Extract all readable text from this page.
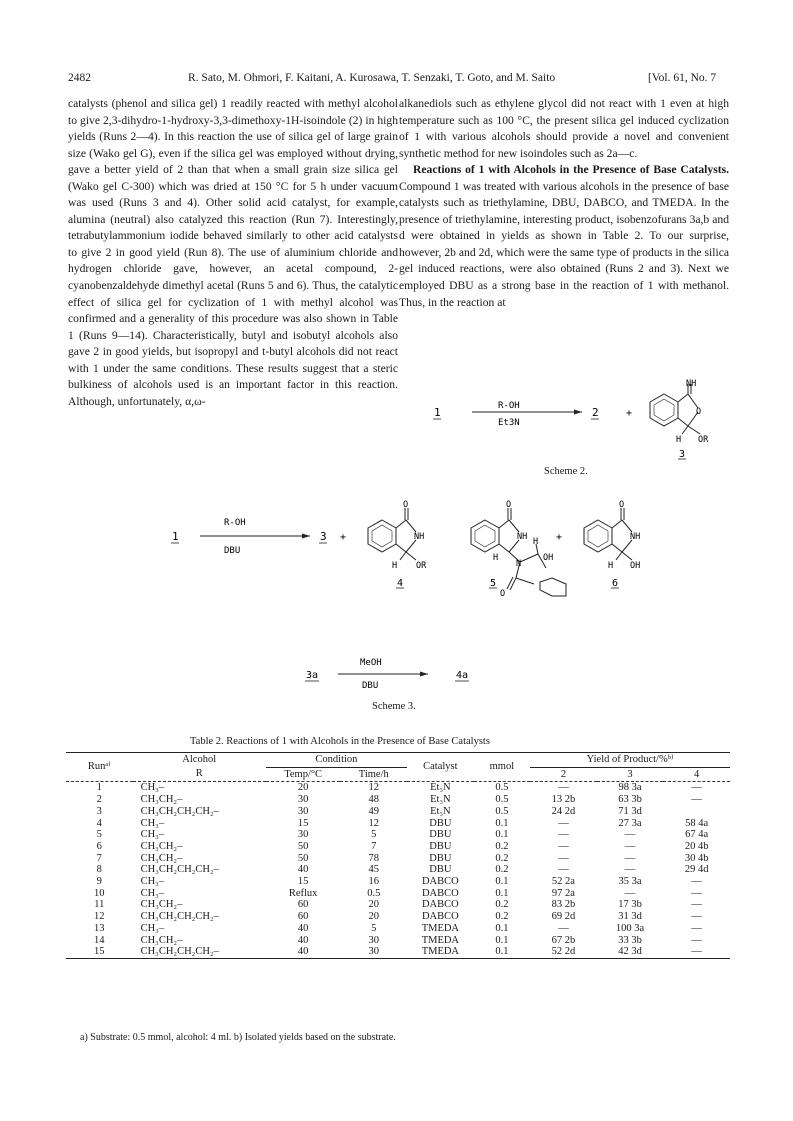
2482	R. Sato, M. Ohmori, F. Kaitani, A. Kurosawa, T. Senzaki, T. Goto, and M. Saito	[Vol. 61, No. 7

catalysts (phenol and silica gel) 1 readily reacted with methyl alcohol to give 2,3-dihydro-1-hydroxy-3,3-dimethoxy-1H-isoindole (2) in high yields (Runs 2—4). In this reaction the use of silica gel of large grain size (Wako gel G), even if the silica gel was employed without drying, gave a better yield of 2 than that when a small grain size silica gel (Wako gel C-300) which was dried at 150 °C for 5 h under vacuum was used (Runs 3 and 4). Other solid acid catalyst, for example, alumina (neutral) also catalyzed this reaction (Run 7). Interestingly, tetrabutylammonium iodide behaved similarly to other acid catalysts to give 2 in good yield (Run 8). The use of aluminium chloride and hydrogen chloride gave, however, an acetal compound, 2-cyanobenzaldehyde dimethyl acetal (Runs 5 and 6). Thus, the catalytic effect of silica gel for cyclization of 1 with methyl alcohol was confirmed and a generality of this procedure was also shown in Table 1 (Runs 9—14). Characteristically, butyl and isobutyl alcohols also gave 2 in good yields, but isopropyl and t-butyl alcohols did not react with 1 under the same conditions. These results suggest that a steric bulkiness of alcohols used is an important factor in this reaction. Although, unfortunately, α,ω-

alkanediols such as ethylene glycol did not react with 1 even at high temperature such as 100 °C, the present silica gel induced cyclization of 1 with various alcohols should provide a novel and convenient synthetic method for new isoindoles such as 2a—c.

Reactions of 1 with Alcohols in the Presence of Base Catalysts. Compound 1 was treated with various alcohols in the presence of base catalysts such as triethylamine, DBU, DABCO, and TMEDA. In the presence of triethylamine, interesting product, isobenzofurans 3a,b and d were obtained in yields as shown in Table 2. To our surprise, however, 2b and 2d, which were the same type of products in the silica gel induced reactions, were also obtained (Runs 2 and 3). Next we employed DBU as a strong base in the reaction of 1 with methanol. Thus, in the reaction at

1	R-OH
Et3N
2	+
NH
O
H OR
3
Scheme 2.
1
R-OH
DBU
3 +
O
NH
H OR
4
O
NH
H
N
H
OH
O
5
+
O
NH
H OH
6
3a
MeOH
DBU
4a
Scheme 3.
Table 2. Reactions of 1 with Alcohols in the Presence of Base Catalysts
Runᵃ⁾	Alcohol	Condition		Catalyst	mmol	Yield of Product/%ᵇ⁾		
	R	Temp/°C	Time/h			2	3	4
1	CH₃–	20	12	Et₃N	0.5	—	98 3a	—
2	CH₃CH₂–	30	48	Et₃N	0.5	13 2b	63 3b	—
3	CH₃CH₂CH₂CH₂–	30	49	Et₃N	0.5	24 2d	71 3d	
4	CH₃–	15	12	DBU	0.1	—	27 3a	58 4a
5	CH₃–	30	5	DBU	0.1	—	—	67 4a
6	CH₃CH₂–	50	7	DBU	0.2	—	—	20 4b
7	CH₃CH₂–	50	78	DBU	0.2	—	—	30 4b
8	CH₃CH₂CH₂CH₂–	40	45	DBU	0.2	—	—	29 4d
9	CH₃–	15	16	DABCO	0.1	52 2a	35 3a	—
10	CH₃–	Reflux	0.5	DABCO	0.1	97 2a	—	—
11	CH₃CH₂–	60	20	DABCO	0.2	83 2b	17 3b	—
12	CH₃CH₂CH₂CH₂–	60	20	DABCO	0.2	69 2d	31 3d	—
13	CH₃–	40	5	TMEDA	0.1	—	100 3a	—
14	CH₃CH₂–	40	30	TMEDA	0.1	67 2b	33 3b	—
15	CH₃CH₂CH₂CH₂–	40	30	TMEDA	0.1	52 2d	42 3d	—
a) Substrate: 0.5 mmol, alcohol: 4 ml. b) Isolated yields based on the substrate.
